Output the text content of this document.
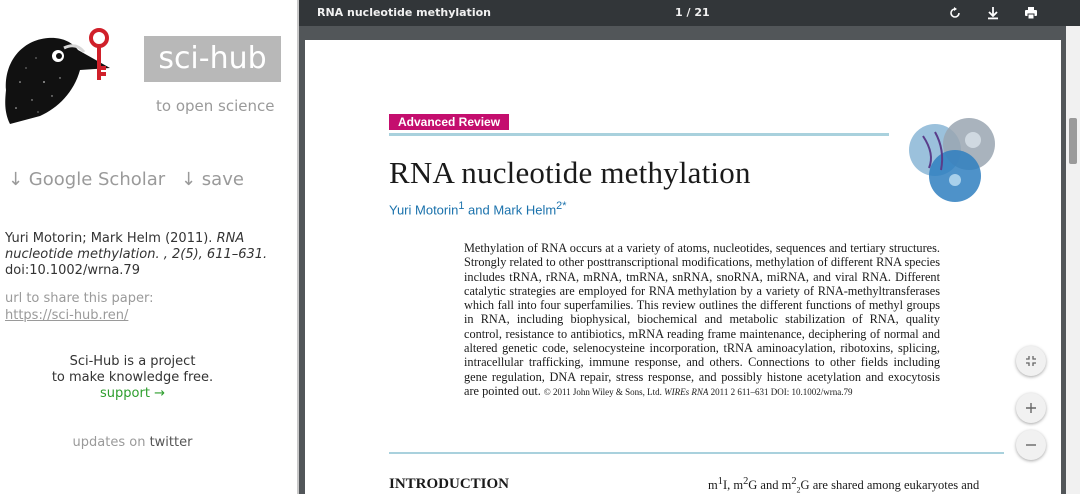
sci-hub
to open science
↓ Google Scholar ↓ save
Yuri Motorin; Mark Helm (2011). RNA nucleotide methylation. , 2(5), 611–631.
doi:10.1002/wrna.79
url to share this paper:
https://sci-hub.ren/
Sci-Hub is a project
to make knowledge free.
support →
updates on twitter
Advanced Review
RNA nucleotide methylation
Yuri Motorin$^1$ and Mark Helm$^{2*}$
Methylation of RNA occurs at a variety of atoms, nucleotides, sequences and tertiary structures. Strongly related to other posttranscriptional modifications, methylation of different RNA species includes tRNA, rRNA, mRNA, tmRNA, snRNA, snoRNA, miRNA, and viral RNA. Different catalytic strategies are employed for RNA methylation by a variety of RNA-methyltransferases which fall into four superfamilies. This review outlines the different functions of methyl groups in RNA, including biophysical, biochemical and metabolic stabilization of RNA, quality control, resistance to antibiotics, mRNA reading frame maintenance, deciphering of normal and altered genetic code, selenocysteine incorporation, tRNA aminoacylation, ribotoxins, splicing, intracellular trafficking, immune response, and others. Connections to other fields including gene regulation, DNA repair, stress response, and possibly histone acetylation and exocytosis are pointed out. © 2011 John Wiley & Sons, Ltd. WIREs RNA 2011 2 611–631 DOI: 10.1002/wrna.79
INTRODUCTION	$m^1I$, $m^2G$ and $m^2_2G$ are shared among eukaryotes and
RNA nucleotide methylation	1 / 21
